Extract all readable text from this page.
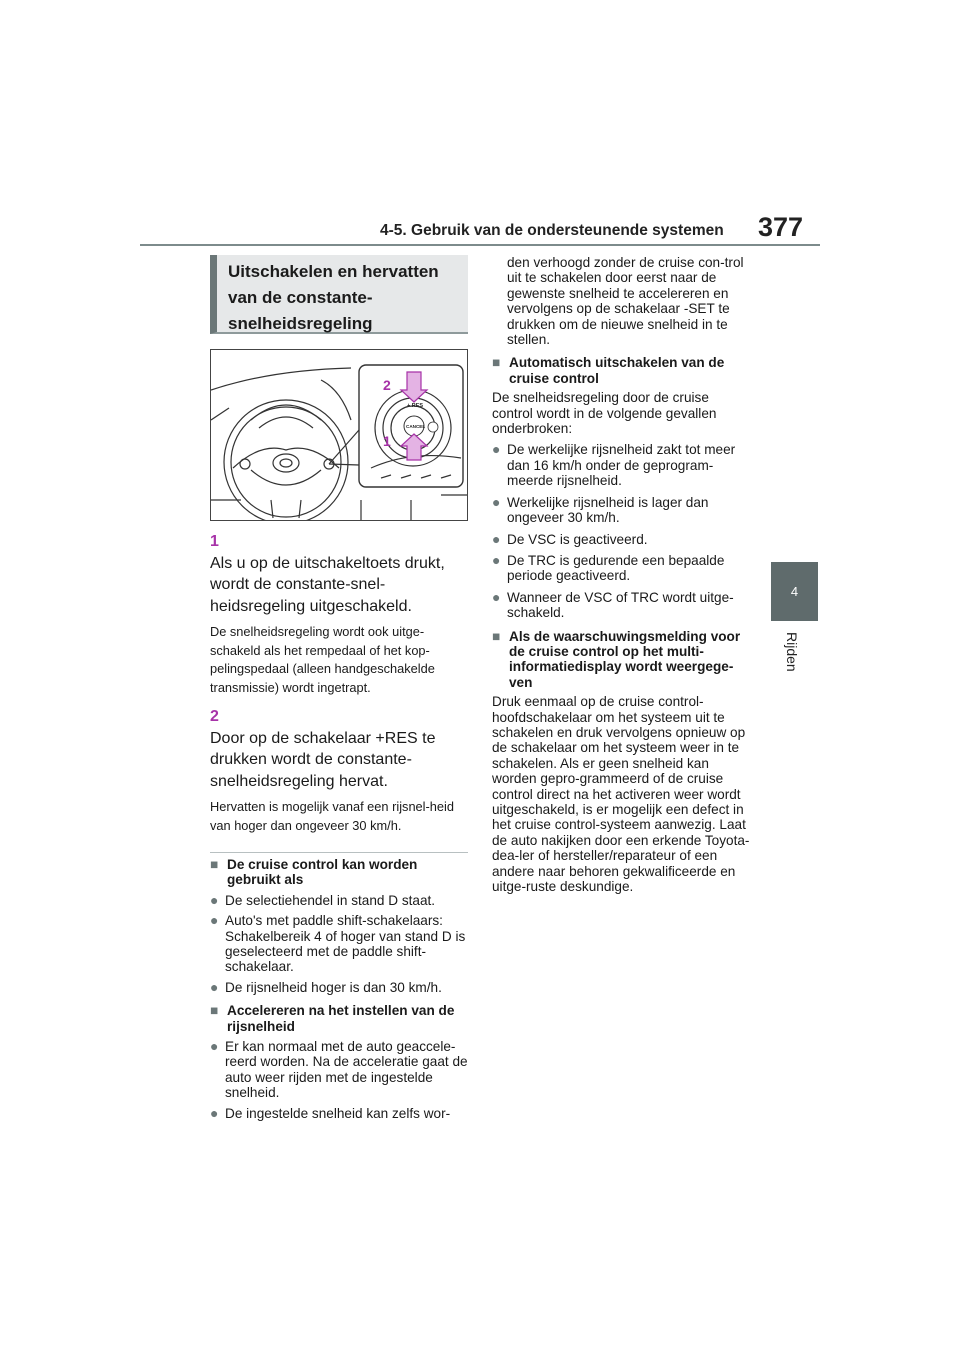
4-5. Gebruik van de ondersteunende systemen 377
4
Rijden
Uitschakelen en hervatten
van de constante-
snelheidsregeling
+ RES
CANCEL
2
1
1Als u op de uitschakeltoets drukt, wordt de constante-snel-heidsregeling uitgeschakeld.
De snelheidsregeling wordt ook uitge-schakeld als het rempedaal of het kop-pelingspedaal (alleen handgeschakelde transmissie) wordt ingetrapt.
2Door op de schakelaar +RES te drukken wordt de constante-snelheidsregeling hervat.
Hervatten is mogelijk vanaf een rijsnel-heid van hoger dan ongeveer 30 km/h.
■ De cruise control kan worden gebruikt als
● De selectiehendel in stand D staat.
● Auto's met paddle shift-schakelaars: Schakelbereik 4 of hoger van stand D is geselecteerd met de paddle shift-schakelaar.
● De rijsnelheid hoger is dan 30 km/h.
■ Accelereren na het instellen van de rijsnelheid
● Er kan normaal met de auto geaccele-reerd worden. Na de acceleratie gaat de auto weer rijden met de ingestelde snelheid.
● De ingestelde snelheid kan zelfs wor-
den verhoogd zonder de cruise con-trol uit te schakelen door eerst naar de gewenste snelheid te accelereren en vervolgens op de schakelaar -SET te drukken om de nieuwe snelheid in te stellen.
■ Automatisch uitschakelen van de cruise control
De snelheidsregeling door de cruise control wordt in de volgende gevallen onderbroken:
● De werkelijke rijsnelheid zakt tot meer dan 16 km/h onder de geprogram-meerde rijsnelheid.
● Werkelijke rijsnelheid is lager dan ongeveer 30 km/h.
● De VSC is geactiveerd.
● De TRC is gedurende een bepaalde periode geactiveerd.
● Wanneer de VSC of TRC wordt uitge-schakeld.
■ Als de waarschuwingsmelding voor de cruise control op het multi-informatiedisplay wordt weergege-ven
Druk eenmaal op de cruise control-hoofdschakelaar om het systeem uit te schakelen en druk vervolgens opnieuw op de schakelaar om het systeem weer in te schakelen. Als er geen snelheid kan worden gepro-grammeerd of de cruise control direct na het activeren weer wordt uitgeschakeld, is er mogelijk een defect in het cruise control-systeem aanwezig. Laat de auto nakijken door een erkende Toyota-dea-ler of hersteller/reparateur of een andere naar behoren gekwalificeerde en uitge-ruste deskundige.
